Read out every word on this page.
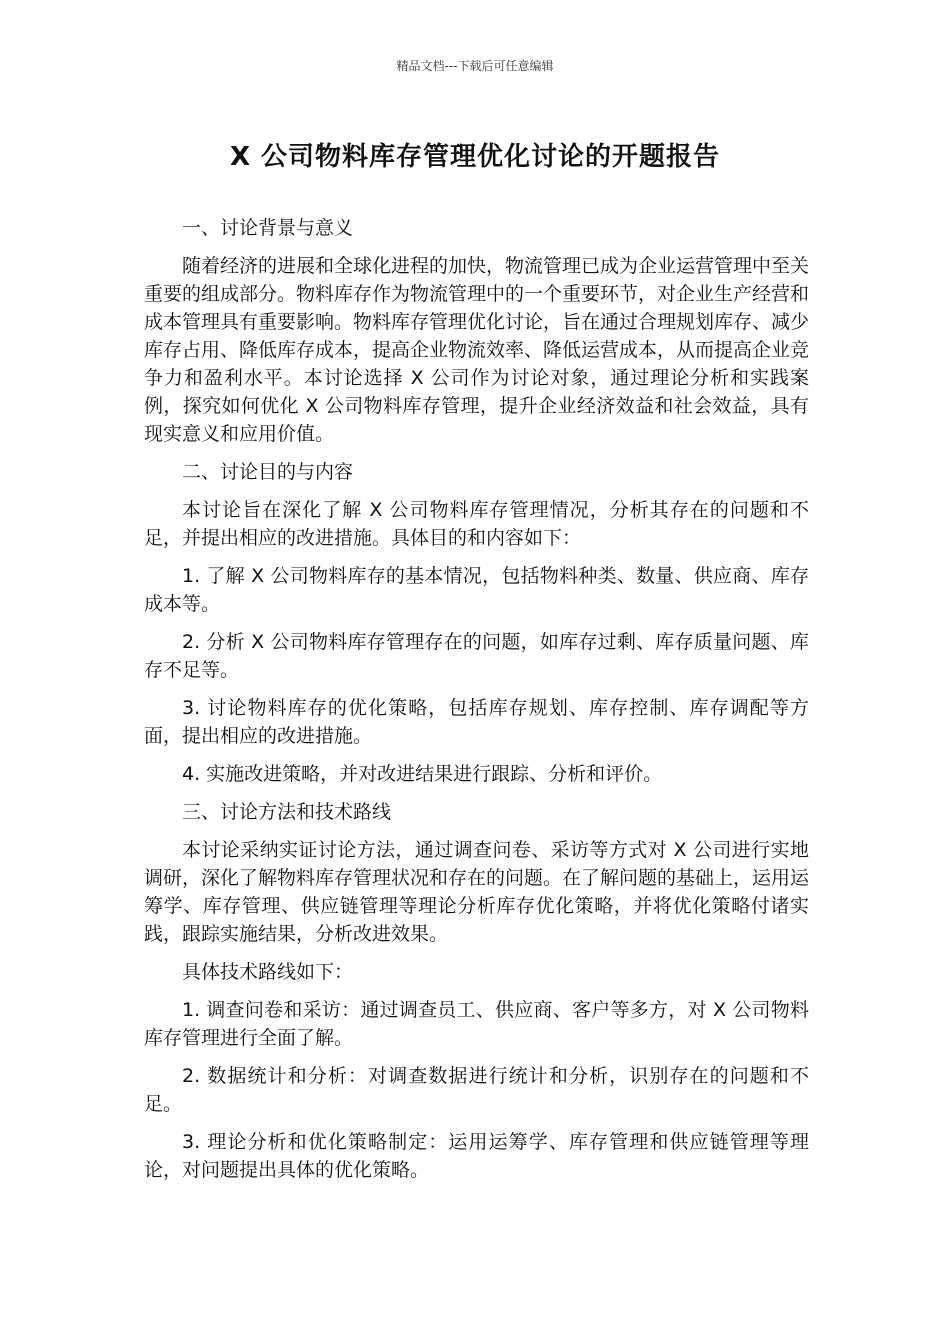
精品文档---下载后可任意编辑
X 公司物料库存管理优化讨论的开题报告

一、讨论背景与意义

随着经济的进展和全球化进程的加快，物流管理已成为企业运营管理中至关重要的组成部分。物料库存作为物流管理中的一个重要环节，对企业生产经营和成本管理具有重要影响。物料库存管理优化讨论，旨在通过合理规划库存、减少库存占用、降低库存成本，提高企业物流效率、降低运营成本，从而提高企业竞争力和盈利水平。本讨论选择 X 公司作为讨论对象，通过理论分析和实践案例，探究如何优化 X 公司物料库存管理，提升企业经济效益和社会效益，具有现实意义和应用价值。

二、讨论目的与内容

本讨论旨在深化了解 X 公司物料库存管理情况，分析其存在的问题和不足，并提出相应的改进措施。具体目的和内容如下：

1. 了解 X 公司物料库存的基本情况，包括物料种类、数量、供应商、库存成本等。

2. 分析 X 公司物料库存管理存在的问题，如库存过剩、库存质量问题、库存不足等。

3. 讨论物料库存的优化策略，包括库存规划、库存控制、库存调配等方面，提出相应的改进措施。

4. 实施改进策略，并对改进结果进行跟踪、分析和评价。

三、讨论方法和技术路线

本讨论采纳实证讨论方法，通过调查问卷、采访等方式对 X 公司进行实地调研，深化了解物料库存管理状况和存在的问题。在了解问题的基础上，运用运筹学、库存管理、供应链管理等理论分析库存优化策略，并将优化策略付诸实践，跟踪实施结果，分析改进效果。

具体技术路线如下：

1. 调查问卷和采访：通过调查员工、供应商、客户等多方，对 X 公司物料库存管理进行全面了解。

2. 数据统计和分析：对调查数据进行统计和分析，识别存在的问题和不足。

3. 理论分析和优化策略制定：运用运筹学、库存管理和供应链管理等理论，对问题提出具体的优化策略。
